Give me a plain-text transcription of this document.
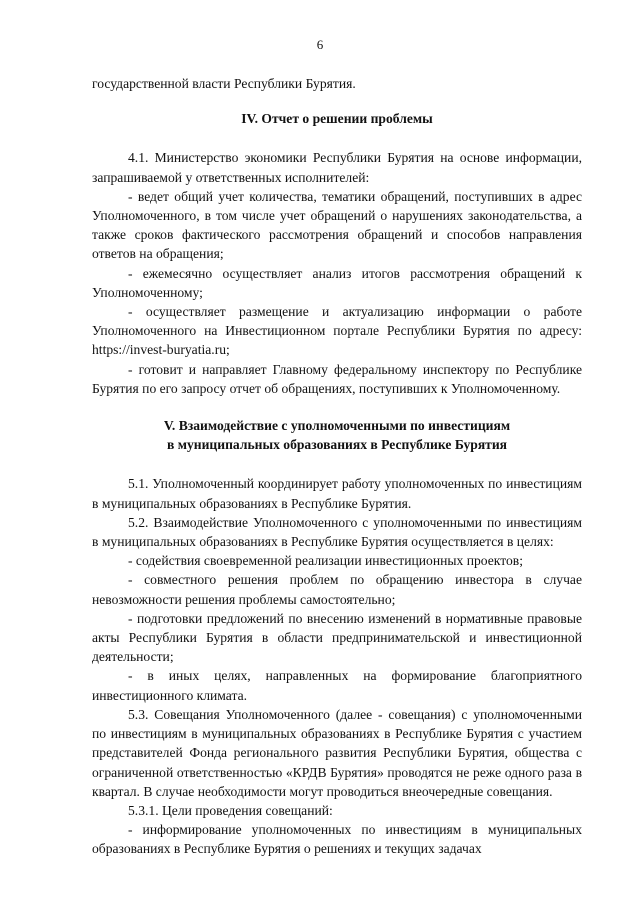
6

государственной власти Республики Бурятия.

IV. Отчет о решении проблемы

4.1. Министерство экономики Республики Бурятия на основе информации, запрашиваемой у ответственных исполнителей:

- ведет общий учет количества, тематики обращений, поступивших в адрес Уполномоченного, в том числе учет обращений о нарушениях законодательства, а также сроков фактического рассмотрения обращений и способов направления ответов на обращения;

- ежемесячно осуществляет анализ итогов рассмотрения обращений к Уполномоченному;

- осуществляет размещение и актуализацию информации о работе Уполномоченного на Инвестиционном портале Республики Бурятия по адресу: https://invest-buryatia.ru;

- готовит и направляет Главному федеральному инспектору по Республике Бурятия по его запросу отчет об обращениях, поступивших к Уполномоченному.

V. Взаимодействие с уполномоченными по инвестициям
в муниципальных образованиях в Республике Бурятия

5.1. Уполномоченный координирует работу уполномоченных по инвестициям в муниципальных образованиях в Республике Бурятия.

5.2. Взаимодействие Уполномоченного с уполномоченными по инвестициям в муниципальных образованиях в Республике Бурятия осуществляется в целях:

- содействия своевременной реализации инвестиционных проектов;

- совместного решения проблем по обращению инвестора в случае невозможности решения проблемы самостоятельно;

- подготовки предложений по внесению изменений в нормативные правовые акты Республики Бурятия в области предпринимательской и инвестиционной деятельности;

- в иных целях, направленных на формирование благоприятного инвестиционного климата.

5.3. Совещания Уполномоченного (далее - совещания) с уполномоченными по инвестициям в муниципальных образованиях в Республике Бурятия с участием представителей Фонда регионального развития Республики Бурятия, общества с ограниченной ответственностью «КРДВ Бурятия» проводятся не реже одного раза в квартал. В случае необходимости могут проводиться внеочередные совещания.

5.3.1. Цели проведения совещаний:

- информирование уполномоченных по инвестициям в муниципальных образованиях в Республике Бурятия о решениях и текущих задачах
